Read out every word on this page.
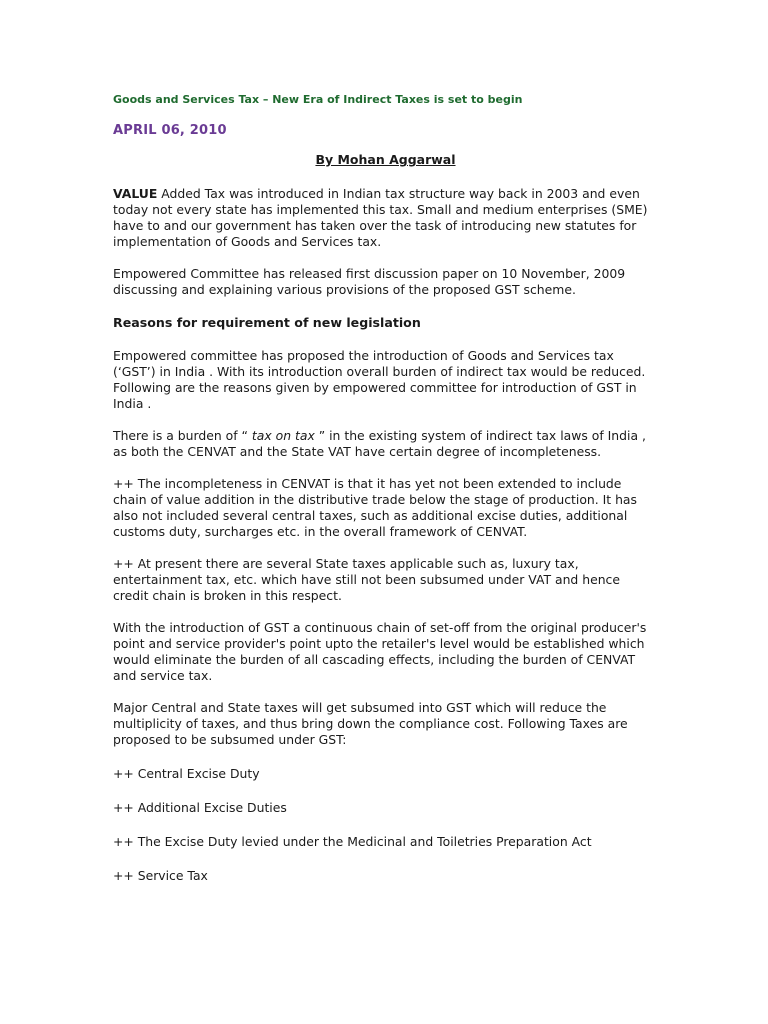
Goods and Services Tax – New Era of Indirect Taxes is set to begin

APRIL 06, 2010

By Mohan Aggarwal

VALUE Added Tax was introduced in Indian tax structure way back in 2003 and even today not every state has implemented this tax. Small and medium enterprises (SME) have to and our government has taken over the task of introducing new statutes for implementation of Goods and Services tax.

Empowered Committee has released first discussion paper on 10 November, 2009 discussing and explaining various provisions of the proposed GST scheme.

Reasons for requirement of new legislation

Empowered committee has proposed the introduction of Goods and Services tax (‘GST’) in India . With its introduction overall burden of indirect tax would be reduced. Following are the reasons given by empowered committee for introduction of GST in India .

There is a burden of “ tax on tax ” in the existing system of indirect tax laws of India , as both the CENVAT and the State VAT have certain degree of incompleteness.

++ The incompleteness in CENVAT is that it has yet not been extended to include chain of value addition in the distributive trade below the stage of production. It has also not included several central taxes, such as additional excise duties, additional customs duty, surcharges etc. in the overall framework of CENVAT.

++ At present there are several State taxes applicable such as, luxury tax, entertainment tax, etc. which have still not been subsumed under VAT and hence credit chain is broken in this respect.

With the introduction of GST a continuous chain of set-off from the original producer's point and service provider's point upto the retailer's level would be established which would eliminate the burden of all cascading effects, including the burden of CENVAT and service tax.

Major Central and State taxes will get subsumed into GST which will reduce the multiplicity of taxes, and thus bring down the compliance cost. Following Taxes are proposed to be subsumed under GST:

++ Central Excise Duty

++ Additional Excise Duties

++ The Excise Duty levied under the Medicinal and Toiletries Preparation Act

++ Service Tax
